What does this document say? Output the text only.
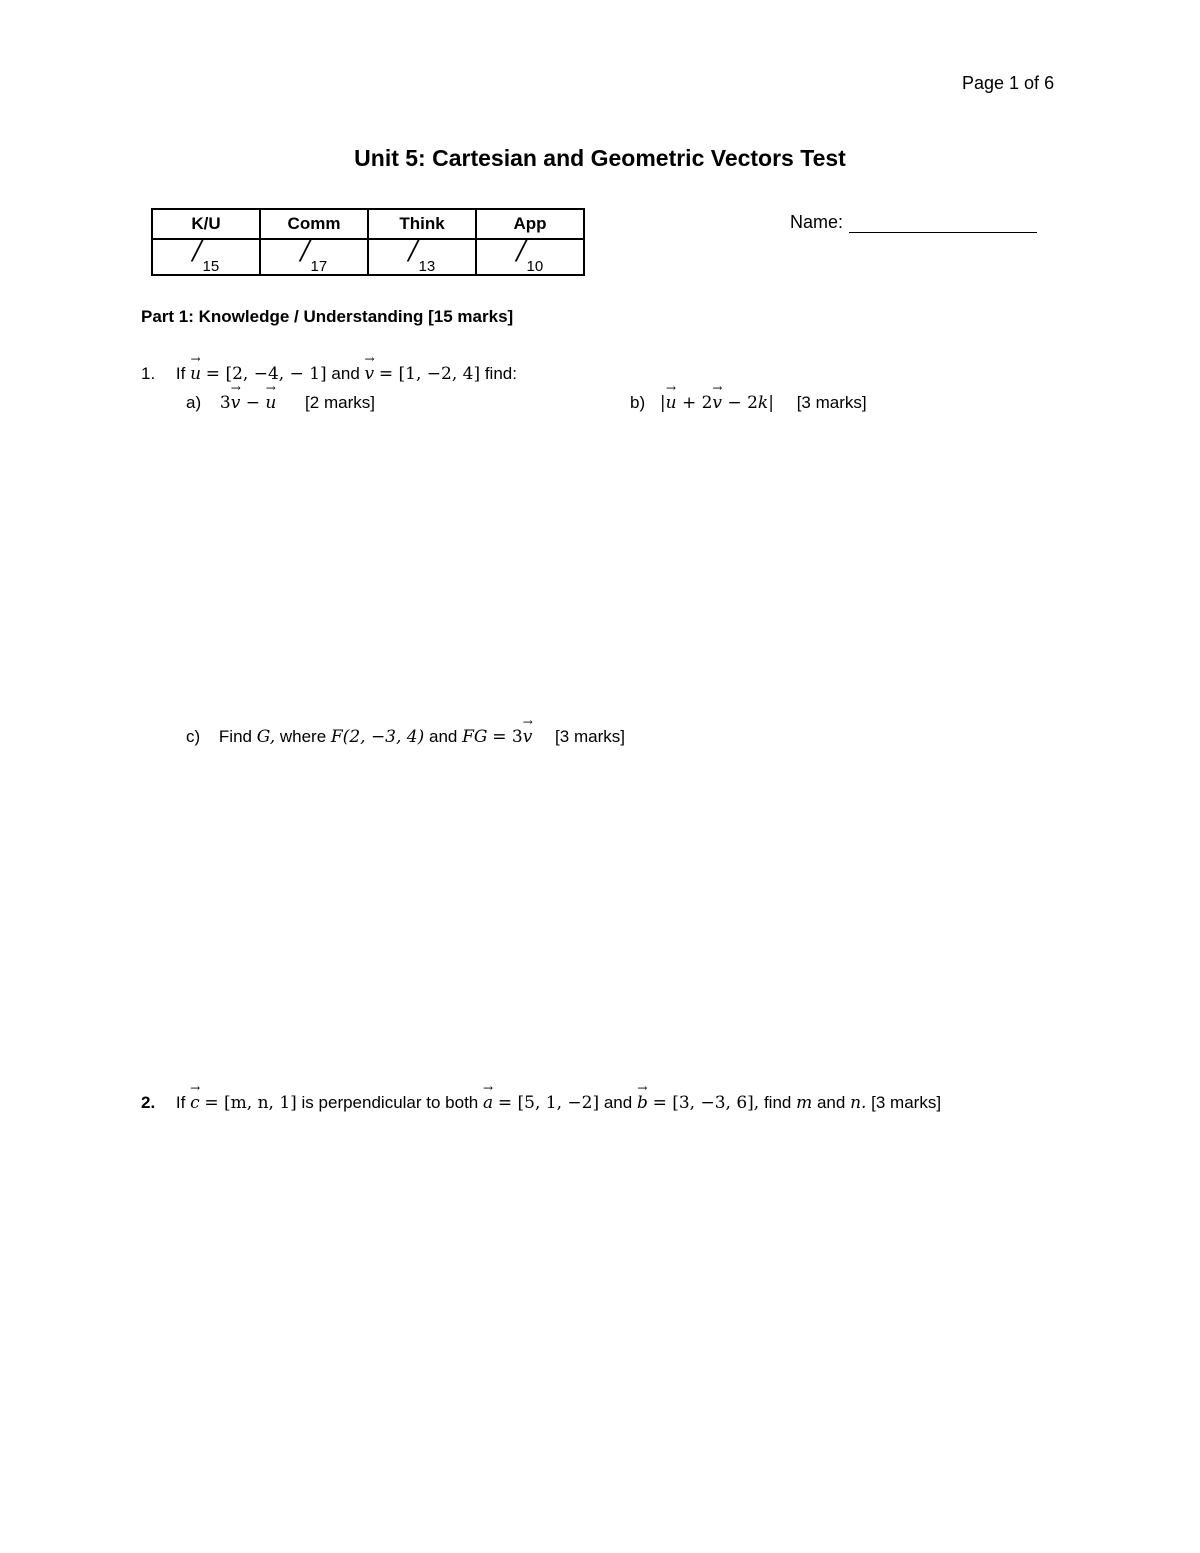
Page 1 of 6
Unit 5: Cartesian and Geometric Vectors Test
K/U	Comm	Think	App
/15	/17	/13	/10
Name:
Part 1: Knowledge / Understanding [15 marks]
1. If → u = [2, −4, − 1] and → v = [1, −2, 4] find:
a) 3→ v − → u [2 marks]	b) |→ u + 2→ v − 2k| [3 marks]
c) Find G, where F(2, −3, 4) and FG = 3→ v [3 marks]
2. If → c = [m, n, 1] is perpendicular to both → a = [5, 1, −2] and → b = [3, −3, 6], find m and n. [3 marks]
